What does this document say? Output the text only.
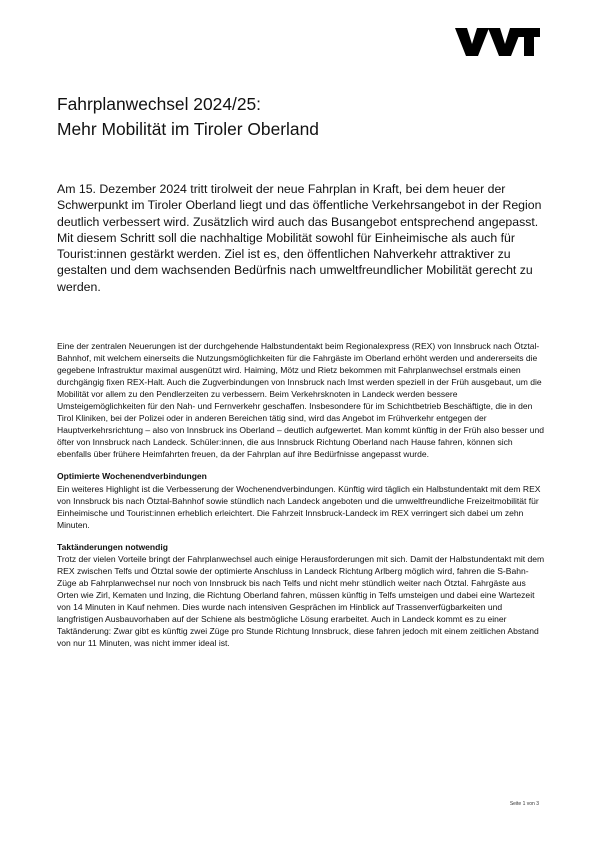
Fahrplanwechsel 2024/25:
Mehr Mobilität im Tiroler Oberland

Am 15. Dezember 2024 tritt tirolweit der neue Fahrplan in Kraft, bei dem heuer der Schwerpunkt im Tiroler Oberland liegt und das öffentliche Verkehrsangebot in der Region deutlich verbessert wird. Zusätzlich wird auch das Busangebot entsprechend angepasst. Mit diesem Schritt soll die nachhaltige Mobilität sowohl für Einheimische als auch für Tourist:innen gestärkt werden. Ziel ist es, den öffentlichen Nahverkehr attraktiver zu gestalten und dem wachsenden Bedürfnis nach umweltfreundlicher Mobilität gerecht zu werden.

Eine der zentralen Neuerungen ist der durchgehende Halbstundentakt beim Regionalexpress (REX) von Innsbruck nach Ötztal-Bahnhof, mit welchem einerseits die Nutzungsmöglichkeiten für die Fahrgäste im Oberland erhöht werden und andererseits die gegebene Infrastruktur maximal ausgenützt wird. Haiming, Mötz und Rietz bekommen mit Fahrplanwechsel erstmals einen durchgängig fixen REX-Halt. Auch die Zugverbindungen von Innsbruck nach Imst werden speziell in der Früh ausgebaut, um die Mobilität vor allem zu den Pendlerzeiten zu verbessern. Beim Verkehrsknoten in Landeck werden bessere Umsteigemöglichkeiten für den Nah- und Fernverkehr geschaffen. Insbesondere für im Schichtbetrieb Beschäftigte, die in den Tirol Kliniken, bei der Polizei oder in anderen Bereichen tätig sind, wird das Angebot im Frühverkehr entgegen der Hauptverkehrsrichtung – also von Innsbruck ins Oberland – deutlich aufgewertet. Man kommt künftig in der Früh also besser und öfter von Innsbruck nach Landeck. Schüler:innen, die aus Innsbruck Richtung Oberland nach Hause fahren, können sich ebenfalls über frühere Heimfahrten freuen, da der Fahrplan auf ihre Bedürfnisse angepasst wurde.

Optimierte Wochenendverbindungen
Ein weiteres Highlight ist die Verbesserung der Wochenendverbindungen. Künftig wird täglich ein Halbstundentakt mit dem REX von Innsbruck bis nach Ötztal-Bahnhof sowie stündlich nach Landeck angeboten und die umweltfreundliche Freizeitmobilität für Einheimische und Tourist:innen erheblich erleichtert. Die Fahrzeit Innsbruck-Landeck im REX verringert sich dabei um zehn Minuten.
Taktänderungen notwendig
Trotz der vielen Vorteile bringt der Fahrplanwechsel auch einige Herausforderungen mit sich. Damit der Halbstundentakt mit dem REX zwischen Telfs und Ötztal sowie der optimierte Anschluss in Landeck Richtung Arlberg möglich wird, fahren die S-Bahn-Züge ab Fahrplanwechsel nur noch von Innsbruck bis nach Telfs und nicht mehr stündlich weiter nach Ötztal. Fahrgäste aus Orten wie Zirl, Kematen und Inzing, die Richtung Oberland fahren, müssen künftig in Telfs umsteigen und dabei eine Wartezeit von 14 Minuten in Kauf nehmen. Dies wurde nach intensiven Gesprächen im Hinblick auf Trassenverfügbarkeiten und langfristigen Ausbauvorhaben auf der Schiene als bestmögliche Lösung erarbeitet. Auch in Landeck kommt es zu einer Taktänderung: Zwar gibt es künftig zwei Züge pro Stunde Richtung Innsbruck, diese fahren jedoch mit einem zeitlichen Abstand von nur 11 Minuten, was nicht immer ideal ist.
Seite 1 von 3
